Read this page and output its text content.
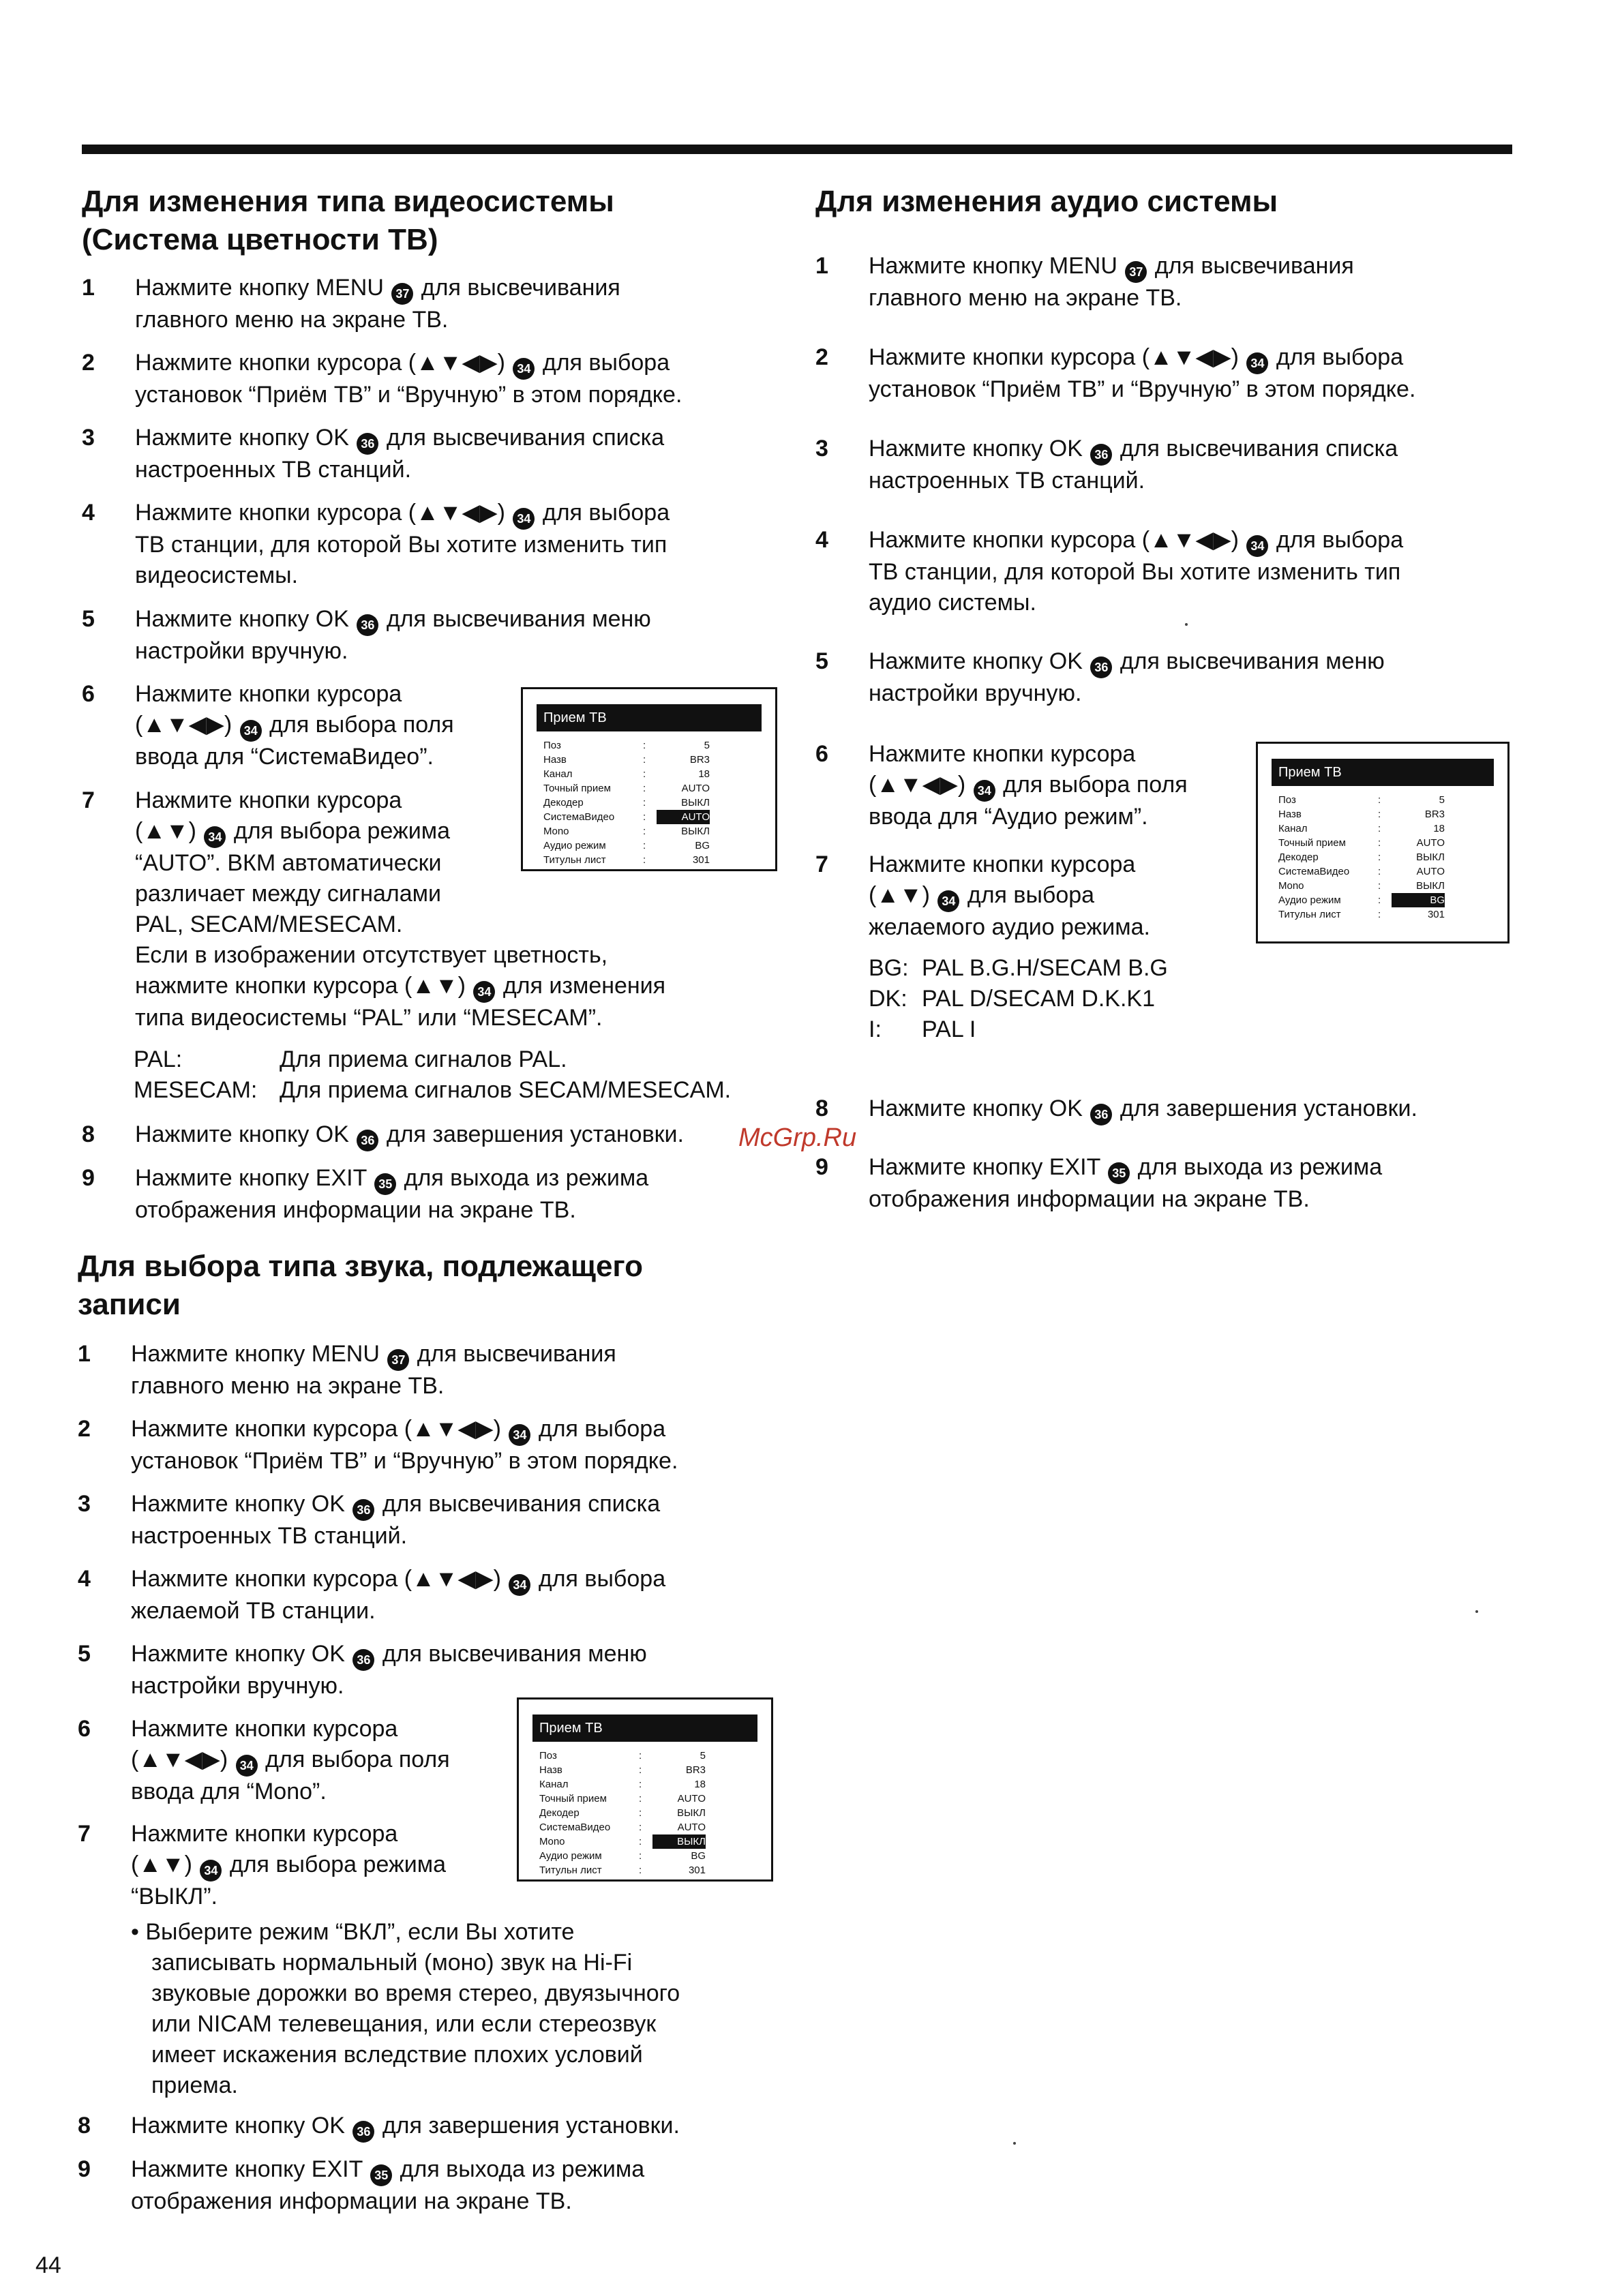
Для изменения типа видеосистемы
(Система цветности ТВ)
1 Нажмите кнопку MENU 37 для высвечивания
главного меню на экране ТВ.
2 Нажмите кнопки курсора (▲▼◀▶) 34 для выбора
установок “Приём ТВ” и “Вручную” в этом порядке.
3 Нажмите кнопку OK 36 для высвечивания списка
настроенных ТВ станций.
4 Нажмите кнопки курсора (▲▼◀▶) 34 для выбора
ТВ станции, для которой Вы хотите изменить тип
видеосистемы.
5 Нажмите кнопку OK 36 для высвечивания меню
настройки вручную.
6 Нажмите кнопки курсора
(▲▼◀▶) 34 для выбора поля
ввода для “СистемаВидео”.
7 Нажмите кнопки курсора
(▲▼) 34 для выбора режима
“AUTO”. ВКМ автоматически
различает между сигналами
PAL, SECAM/MESECAM.
Если в изображении отсутствует цветность,
нажмите кнопки курсора (▲▼) 34 для изменения
типа видеосистемы “PAL” или “MESECAM”.
PAL:	Для приема сигналов PAL.
MESECAM: Для приема сигналов SECAM/MESECAM.
8 Нажмите кнопку OK 36 для завершения установки.
9 Нажмите кнопку EXIT 35 для выхода из режима
отображения информации на экране ТВ.
Прием ТВ
Поз	:	5
Назв	:	BR3
Канал	:	18
Точный прием	:	AUTO
Декодер	:	ВЫКЛ
СистемаВидео	:	AUTO
Mono	:	ВЫКЛ
Аудио режим	:	BG
Титульн лист	:	301
Для выбора типа звука, подлежащего
записи
1 Нажмите кнопку MENU 37 для высвечивания
главного меню на экране ТВ.
2 Нажмите кнопки курсора (▲▼◀▶) 34 для выбора
установок “Приём ТВ” и “Вручную” в этом порядке.
3 Нажмите кнопку OK 36 для высвечивания списка
настроенных ТВ станций.
4 Нажмите кнопки курсора (▲▼◀▶) 34 для выбора
желаемой ТВ станции.
5 Нажмите кнопку OK 36 для высвечивания меню
настройки вручную.
6 Нажмите кнопки курсора
(▲▼◀▶) 34 для выбора поля
ввода для “Mono”.
7 Нажмите кнопки курсора
(▲▼) 34 для выбора режима
“ВЫКЛ”.
• Выберите режим “ВКЛ”, если Вы хотите
записывать нормальный (моно) звук на Hi-Fi
звуковые дорожки во время стерео, двуязычного
или NICAM телевещания, или если стереозвук
имеет искажения вследствие плохих условий
приема.
8 Нажмите кнопку OK 36 для завершения установки.
9 Нажмите кнопку EXIT 35 для выхода из режима
отображения информации на экране ТВ.
Прием ТВ
Поз	:	5
Назв	:	BR3
Канал	:	18
Точный прием	:	AUTO
Декодер	:	ВЫКЛ
СистемаВидео	:	AUTO
Mono	:	ВЫКЛ
Аудио режим	:	BG
Титульн лист	:	301
Для изменения аудио системы
1 Нажмите кнопку MENU 37 для высвечивания
главного меню на экране ТВ.
2 Нажмите кнопки курсора (▲▼◀▶) 34 для выбора
установок “Приём ТВ” и “Вручную” в этом порядке.
3 Нажмите кнопку OK 36 для высвечивания списка
настроенных ТВ станций.
4 Нажмите кнопки курсора (▲▼◀▶) 34 для выбора
ТВ станции, для которой Вы хотите изменить тип
аудио системы.
5 Нажмите кнопку OK 36 для высвечивания меню
настройки вручную.
6 Нажмите кнопки курсора
(▲▼◀▶) 34 для выбора поля
ввода для “Аудио режим”.
7 Нажмите кнопки курсора
(▲▼) 34 для выбора
желаемого аудио режима.
BG: PAL B.G.H/SECAM B.G
DK: PAL D/SECAM D.K.K1
I: PAL I
8 Нажмите кнопку OK 36 для завершения установки.
9 Нажмите кнопку EXIT 35 для выхода из режима
отображения информации на экране ТВ.
Прием ТВ
Поз	:	5
Назв	:	BR3
Канал	:	18
Точный прием	:	AUTO
Декодер	:	ВЫКЛ
СистемаВидео	:	AUTO
Mono	:	ВЫКЛ
Аудио режим	:	BG
Титульн лист	:	301
McGrp.Ru
44
